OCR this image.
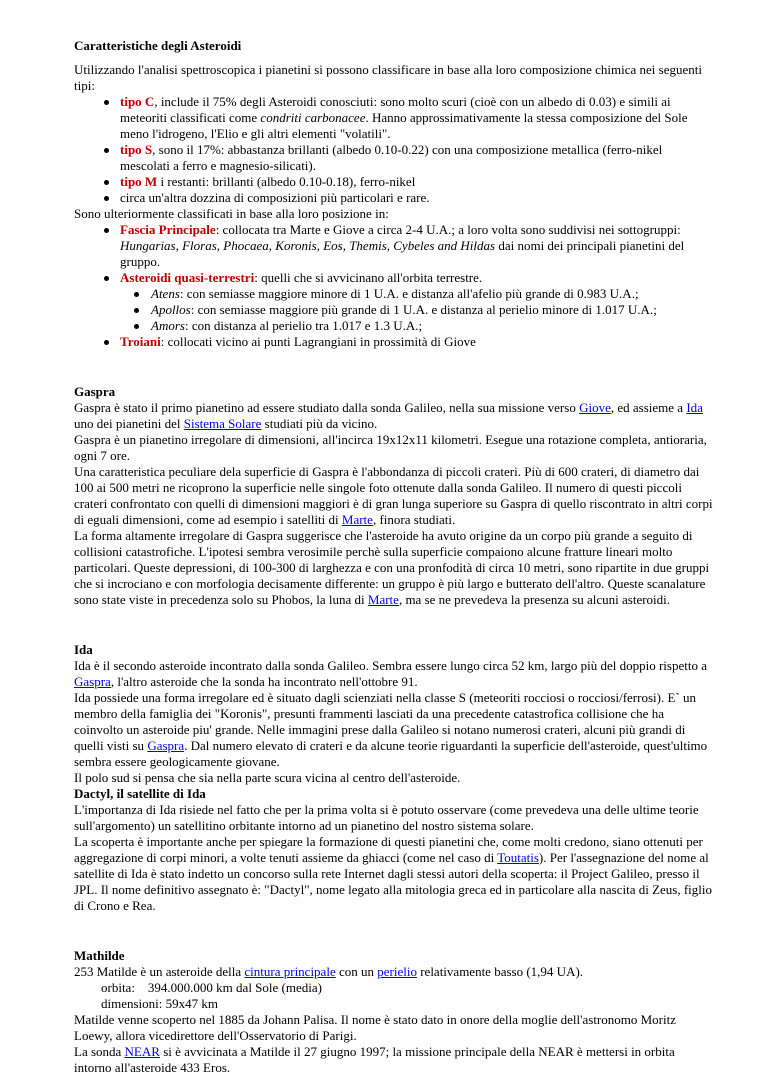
Caratteristiche degli Asteroidi

Utilizzando l'analisi spettroscopica i pianetini si possono classificare in base alla loro composizione chimica nei seguenti tipi:

tipo C, include il 75% degli Asteroidi conosciuti: sono molto scuri (cioè con un albedo di 0.03) e simili ai meteoriti classificati come condriti carbonacee. Hanno approssimativamente la stessa composizione del Sole meno l'idrogeno, l'Elio e gli altri elementi "volatili".
tipo S, sono il 17%: abbastanza brillanti (albedo 0.10-0.22) con una composizione metallica (ferro-nikel mescolati a ferro e magnesio-silicati).
tipo M i restanti: brillanti (albedo 0.10-0.18), ferro-nikel
circa un'altra dozzina di composizioni più particolari e rare.

Sono ulteriormente classificati in base alla loro posizione in:

Fascia Principale: collocata tra Marte e Giove a circa 2-4 U.A.; a loro volta sono suddivisi nei sottogruppi: Hungarias, Floras, Phocaea, Koronis, Eos, Themis, Cybeles and Hildas dai nomi dei principali pianetini del gruppo.
Asteroidi quasi-terrestri: quelli che si avvicinano all'orbita terrestre.
Atens: con semiasse maggiore minore di 1 U.A. e distanza all'afelio più grande di 0.983 U.A.;
Apollos: con semiasse maggiore più grande di 1 U.A. e distanza al perielio minore di 1.017 U.A.;
Amors: con distanza al perielio tra 1.017 e 1.3 U.A.;
Troiani: collocati vicino ai punti Lagrangiani in prossimità di Giove

Gaspra

Gaspra è stato il primo pianetino ad essere studiato dalla sonda Galileo, nella sua missione verso Giove, ed assieme a Ida uno dei pianetini del Sistema Solare studiati più da vicino.

Gaspra è un pianetino irregolare di dimensioni, all'incirca 19x12x11 kilometri. Esegue una rotazione completa, antioraria, ogni 7 ore.

Una caratteristica peculiare dela superficie di Gaspra è l'abbondanza di piccoli crateri. Più di 600 crateri, di diametro dai 100 ai 500 metri ne ricoprono la superficie nelle singole foto ottenute dalla sonda Galileo. Il numero di questi piccoli crateri confrontato con quelli di dimensioni maggiori è di gran lunga superiore su Gaspra di quello riscontrato in altri corpi di eguali dimensioni, come ad esempio i satelliti di Marte, finora studiati.

La forma altamente irregolare di Gaspra suggerisce che l'asteroide ha avuto origine da un corpo più grande a seguito di collisioni catastrofiche. L'ipotesi sembra verosimile perchè sulla superficie compaiono alcune fratture lineari molto particolari. Queste depressioni, di 100-300 di larghezza e con una pronfodità di circa 10 metri, sono ripartite in due gruppi che si incrociano e con morfologia decisamente differente: un gruppo è più largo e butterato dell'altro. Queste scanalature sono state viste in precedenza solo su Phobos, la luna di Marte, ma se ne prevedeva la presenza su alcuni asteroidi.

Ida

Ida è il secondo asteroide incontrato dalla sonda Galileo. Sembra essere lungo circa 52 km, largo più del doppio rispetto a Gaspra, l'altro asteroide che la sonda ha incontrato nell'ottobre 91.

Ida possiede una forma irregolare ed è situato dagli scienziati nella classe S (meteoriti rocciosi o rocciosi/ferrosi). E` un membro della famiglia dei "Koronis", presunti frammenti lasciati da una precedente catastrofica collisione che ha coinvolto un asteroide piu' grande. Nelle immagini prese dalla Galileo si notano numerosi crateri, alcuni più grandi di quelli visti su Gaspra. Dal numero elevato di crateri e da alcune teorie riguardanti la superficie dell'asteroide, quest'ultimo sembra essere geologicamente giovane.

Il polo sud si pensa che sia nella parte scura vicina al centro dell'asteroide.

Dactyl, il satellite di Ida

L'importanza di Ida risiede nel fatto che per la prima volta si è potuto osservare (come prevedeva una delle ultime teorie sull'argomento) un satellitino orbitante intorno ad un pianetino del nostro sistema solare.

La scoperta è importante anche per spiegare la formazione di questi pianetini che, come molti credono, siano ottenuti per aggregazione di corpi minori, a volte tenuti assieme da ghiacci (come nel caso di Toutatis). Per l'assegnazione del nome al satellite di Ida è stato indetto un concorso sulla rete Internet dagli stessi autori della scoperta: il Project Galileo, presso il JPL. Il nome definitivo assegnato è: "Dactyl", nome legato alla mitologia greca ed in particolare alla nascita di Zeus, figlio di Crono e Rea.

Mathilde

253 Matilde è un asteroide della cintura principale con un perielio relativamente basso (1,94 UA).

orbita:    394.000.000 km dal Sole (media)

dimensioni: 59x47 km

Matilde venne scoperto nel 1885 da Johann Palisa. Il nome è stato dato in onore della moglie dell'astronomo Moritz Loewy, allora vicedirettore dell'Osservatorio di Parigi.

La sonda NEAR si è avvicinata a Matilde il 27 giugno 1997; la missione principale della NEAR è mettersi in orbita intorno all'asteroide 433 Eros.
